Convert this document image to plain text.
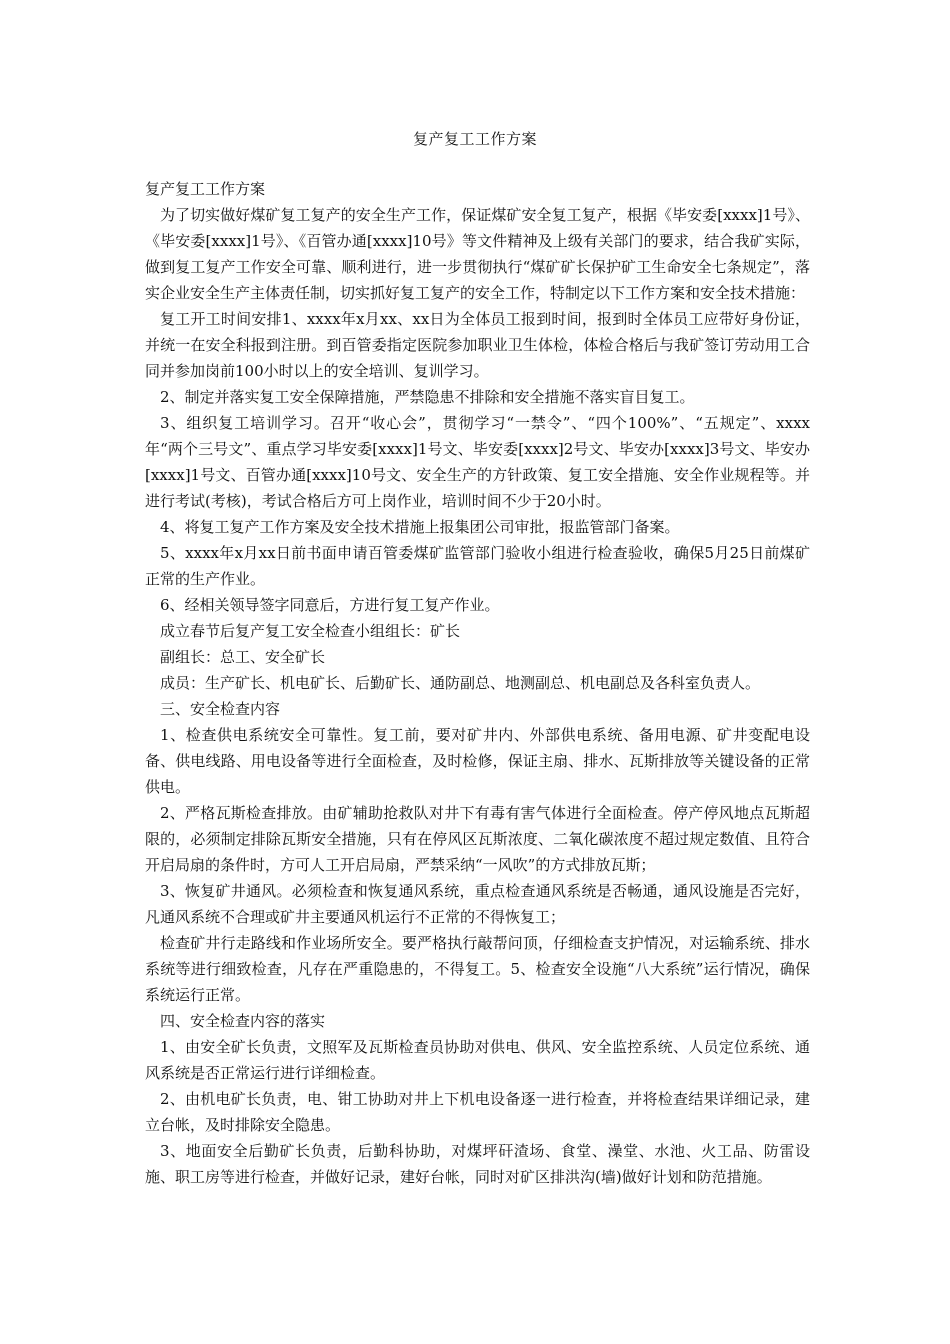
复产复工工作方案

复产复工工作方案

为了切实做好煤矿复工复产的安全生产工作，保证煤矿安全复工复产，根据《毕安委[xxxx]1号》、《毕安委[xxxx]1号》、《百管办通[xxxx]10号》等文件精神及上级有关部门的要求，结合我矿实际，做到复工复产工作安全可靠、顺利进行，进一步贯彻执行“煤矿矿长保护矿工生命安全七条规定”，落实企业安全生产主体责任制，切实抓好复工复产的安全工作，特制定以下工作方案和安全技术措施：

复工开工时间安排1、xxxx年x月xx、xx日为全体员工报到时间，报到时全体员工应带好身份证，并统一在安全科报到注册。到百管委指定医院参加职业卫生体检，体检合格后与我矿签订劳动用工合同并参加岗前100小时以上的安全培训、复训学习。

2、制定并落实复工安全保障措施，严禁隐患不排除和安全措施不落实盲目复工。

3、组织复工培训学习。召开“收心会”，贯彻学习“一禁令”、“四个100%”、“五规定”、xxxx年“两个三号文”、重点学习毕安委[xxxx]1号文、毕安委[xxxx]2号文、毕安办[xxxx]3号文、毕安办[xxxx]1号文、百管办通[xxxx]10号文、安全生产的方针政策、复工安全措施、安全作业规程等。并进行考试(考核)，考试合格后方可上岗作业，培训时间不少于20小时。

4、将复工复产工作方案及安全技术措施上报集团公司审批，报监管部门备案。

5、xxxx年x月xx日前书面申请百管委煤矿监管部门验收小组进行检查验收，确保5月25日前煤矿正常的生产作业。

6、经相关领导签字同意后，方进行复工复产作业。

成立春节后复产复工安全检查小组组长：矿长

副组长：总工、安全矿长

成员：生产矿长、机电矿长、后勤矿长、通防副总、地测副总、机电副总及各科室负责人。

三、安全检查内容

1、检查供电系统安全可靠性。复工前，要对矿井内、外部供电系统、备用电源、矿井变配电设备、供电线路、用电设备等进行全面检查，及时检修，保证主扇、排水、瓦斯排放等关键设备的正常供电。

2、严格瓦斯检查排放。由矿辅助抢救队对井下有毒有害气体进行全面检查。停产停风地点瓦斯超限的，必须制定排除瓦斯安全措施，只有在停风区瓦斯浓度、二氧化碳浓度不超过规定数值、且符合开启局扇的条件时，方可人工开启局扇，严禁采纳“一风吹”的方式排放瓦斯；

3、恢复矿井通风。必须检查和恢复通风系统，重点检查通风系统是否畅通，通风设施是否完好，凡通风系统不合理或矿井主要通风机运行不正常的不得恢复工；

检查矿井行走路线和作业场所安全。要严格执行敲帮问顶，仔细检查支护情况，对运输系统、排水系统等进行细致检查，凡存在严重隐患的，不得复工。5、检查安全设施“八大系统”运行情况，确保系统运行正常。

四、安全检查内容的落实

1、由安全矿长负责，文照军及瓦斯检查员协助对供电、供风、安全监控系统、人员定位系统、通风系统是否正常运行进行详细检查。

2、由机电矿长负责，电、钳工协助对井上下机电设备逐一进行检查，并将检查结果详细记录，建立台帐，及时排除安全隐患。

3、地面安全后勤矿长负责，后勤科协助，对煤坪矸渣场、食堂、澡堂、水池、火工品、防雷设施、职工房等进行检查，并做好记录，建好台帐，同时对矿区排洪沟(墙)做好计划和防范措施。
